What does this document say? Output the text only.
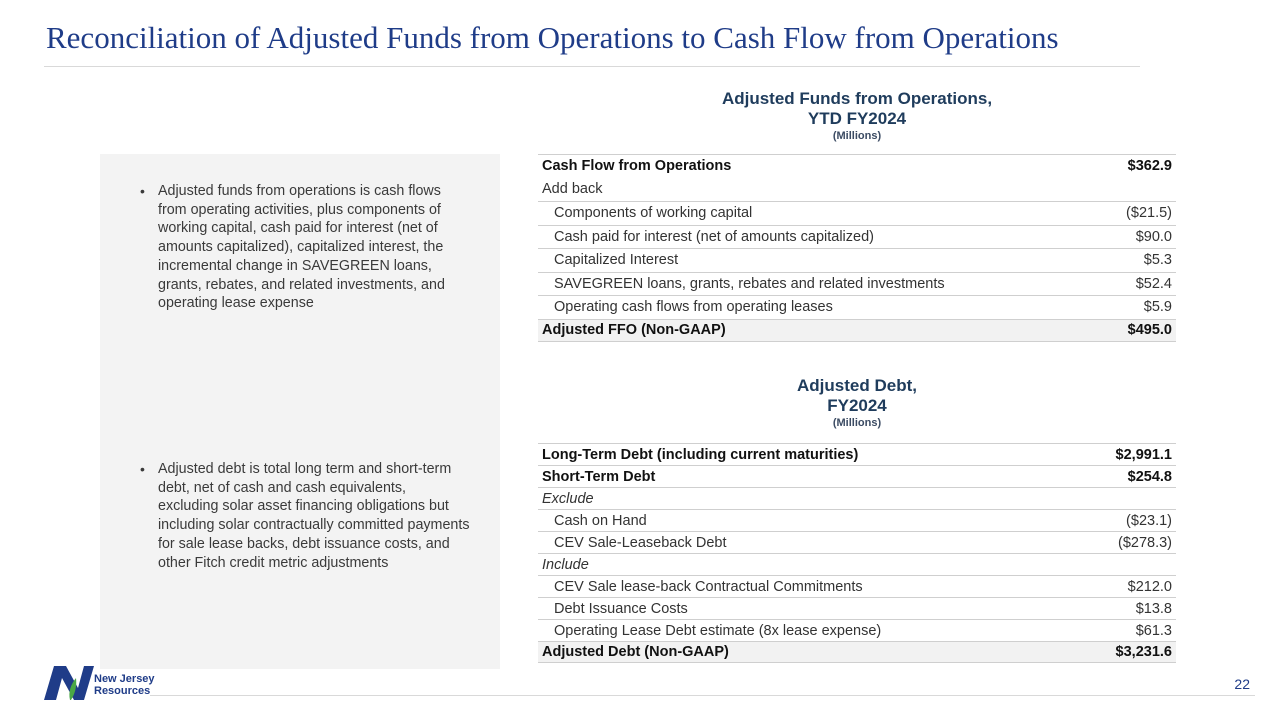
Reconciliation of Adjusted Funds from Operations to Cash Flow from Operations
• Adjusted funds from operations is cash flows from operating activities, plus components of working capital, cash paid for interest (net of amounts capitalized), capitalized interest, the incremental change in SAVEGREEN loans, grants, rebates, and related investments, and operating lease expense
• Adjusted debt is total long term and short-term debt, net of cash and cash equivalents, excluding solar asset financing obligations but including solar contractually committed payments for sale lease backs, debt issuance costs, and other Fitch credit metric adjustments
Adjusted Funds from Operations,
YTD FY2024
(Millions)
Cash Flow from Operations	$362.9
Add back
Components of working capital	($21.5)
Cash paid for interest (net of amounts capitalized)	$90.0
Capitalized Interest	$5.3
SAVEGREEN loans, grants, rebates and related investments	$52.4
Operating cash flows from operating leases	$5.9
Adjusted FFO (Non-GAAP)	$495.0
Adjusted Debt,
FY2024
(Millions)
Long-Term Debt (including current maturities)	$2,991.1
Short-Term Debt	$254.8
Exclude
Cash on Hand	($23.1)
CEV Sale-Leaseback Debt	($278.3)
Include
CEV Sale lease-back Contractual Commitments	$212.0
Debt Issuance Costs	$13.8
Operating Lease Debt estimate (8x lease expense)	$61.3
Adjusted Debt (Non-GAAP)	$3,231.6
New Jersey
Resources	22
